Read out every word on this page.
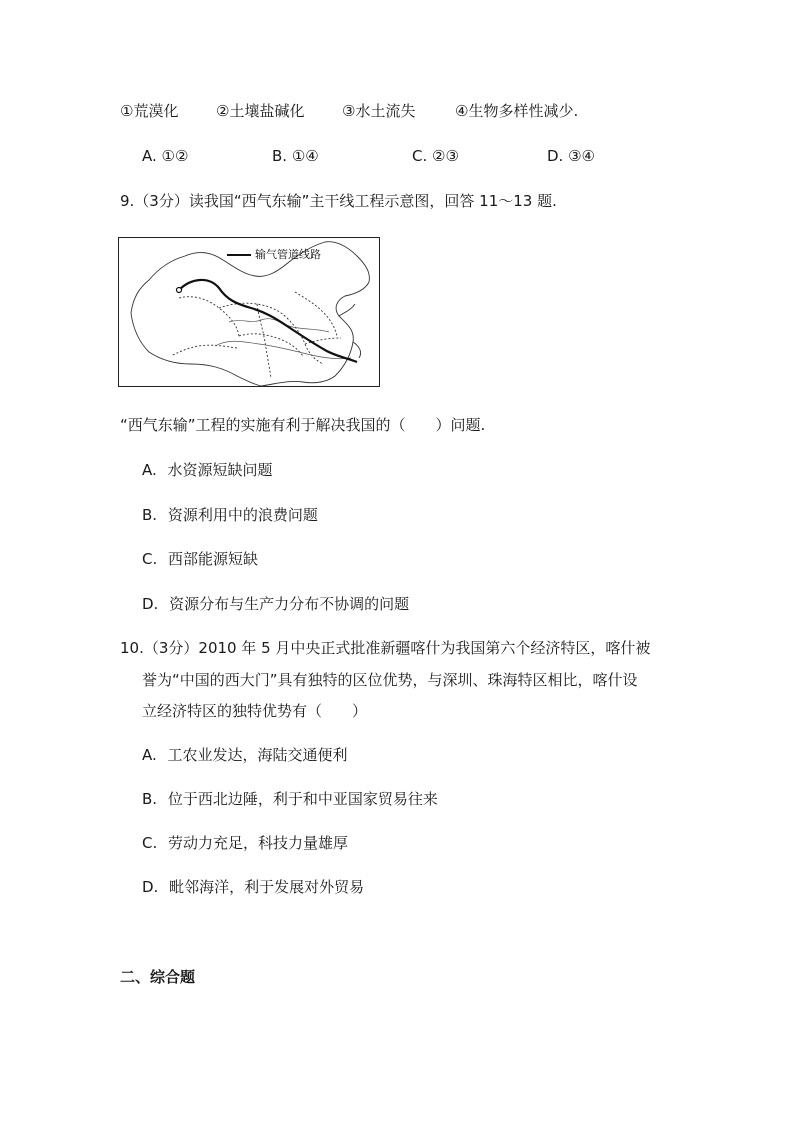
①荒漠化	②土壤盐碱化	③水土流失	④生物多样性减少.
A. ①②	B. ①④	C. ②③	D. ③④
9.（3分）读我国“西气东输”主干线工程示意图，回答 11～13 题.
输气管道线路
“西气东输”工程的实施有利于解决我国的（　　）问题.
A. 水资源短缺问题
B. 资源利用中的浪费问题
C. 西部能源短缺
D. 资源分布与生产力分布不协调的问题
10.（3分）2010 年 5 月中央正式批准新疆喀什为我国第六个经济特区，喀什被
誉为“中国的西大门”具有独特的区位优势，与深圳、珠海特区相比，喀什设
立经济特区的独特优势有（　　）
A. 工农业发达，海陆交通便利
B. 位于西北边陲，利于和中亚国家贸易往来
C. 劳动力充足，科技力量雄厚
D. 毗邻海洋，利于发展对外贸易
二、综合题
